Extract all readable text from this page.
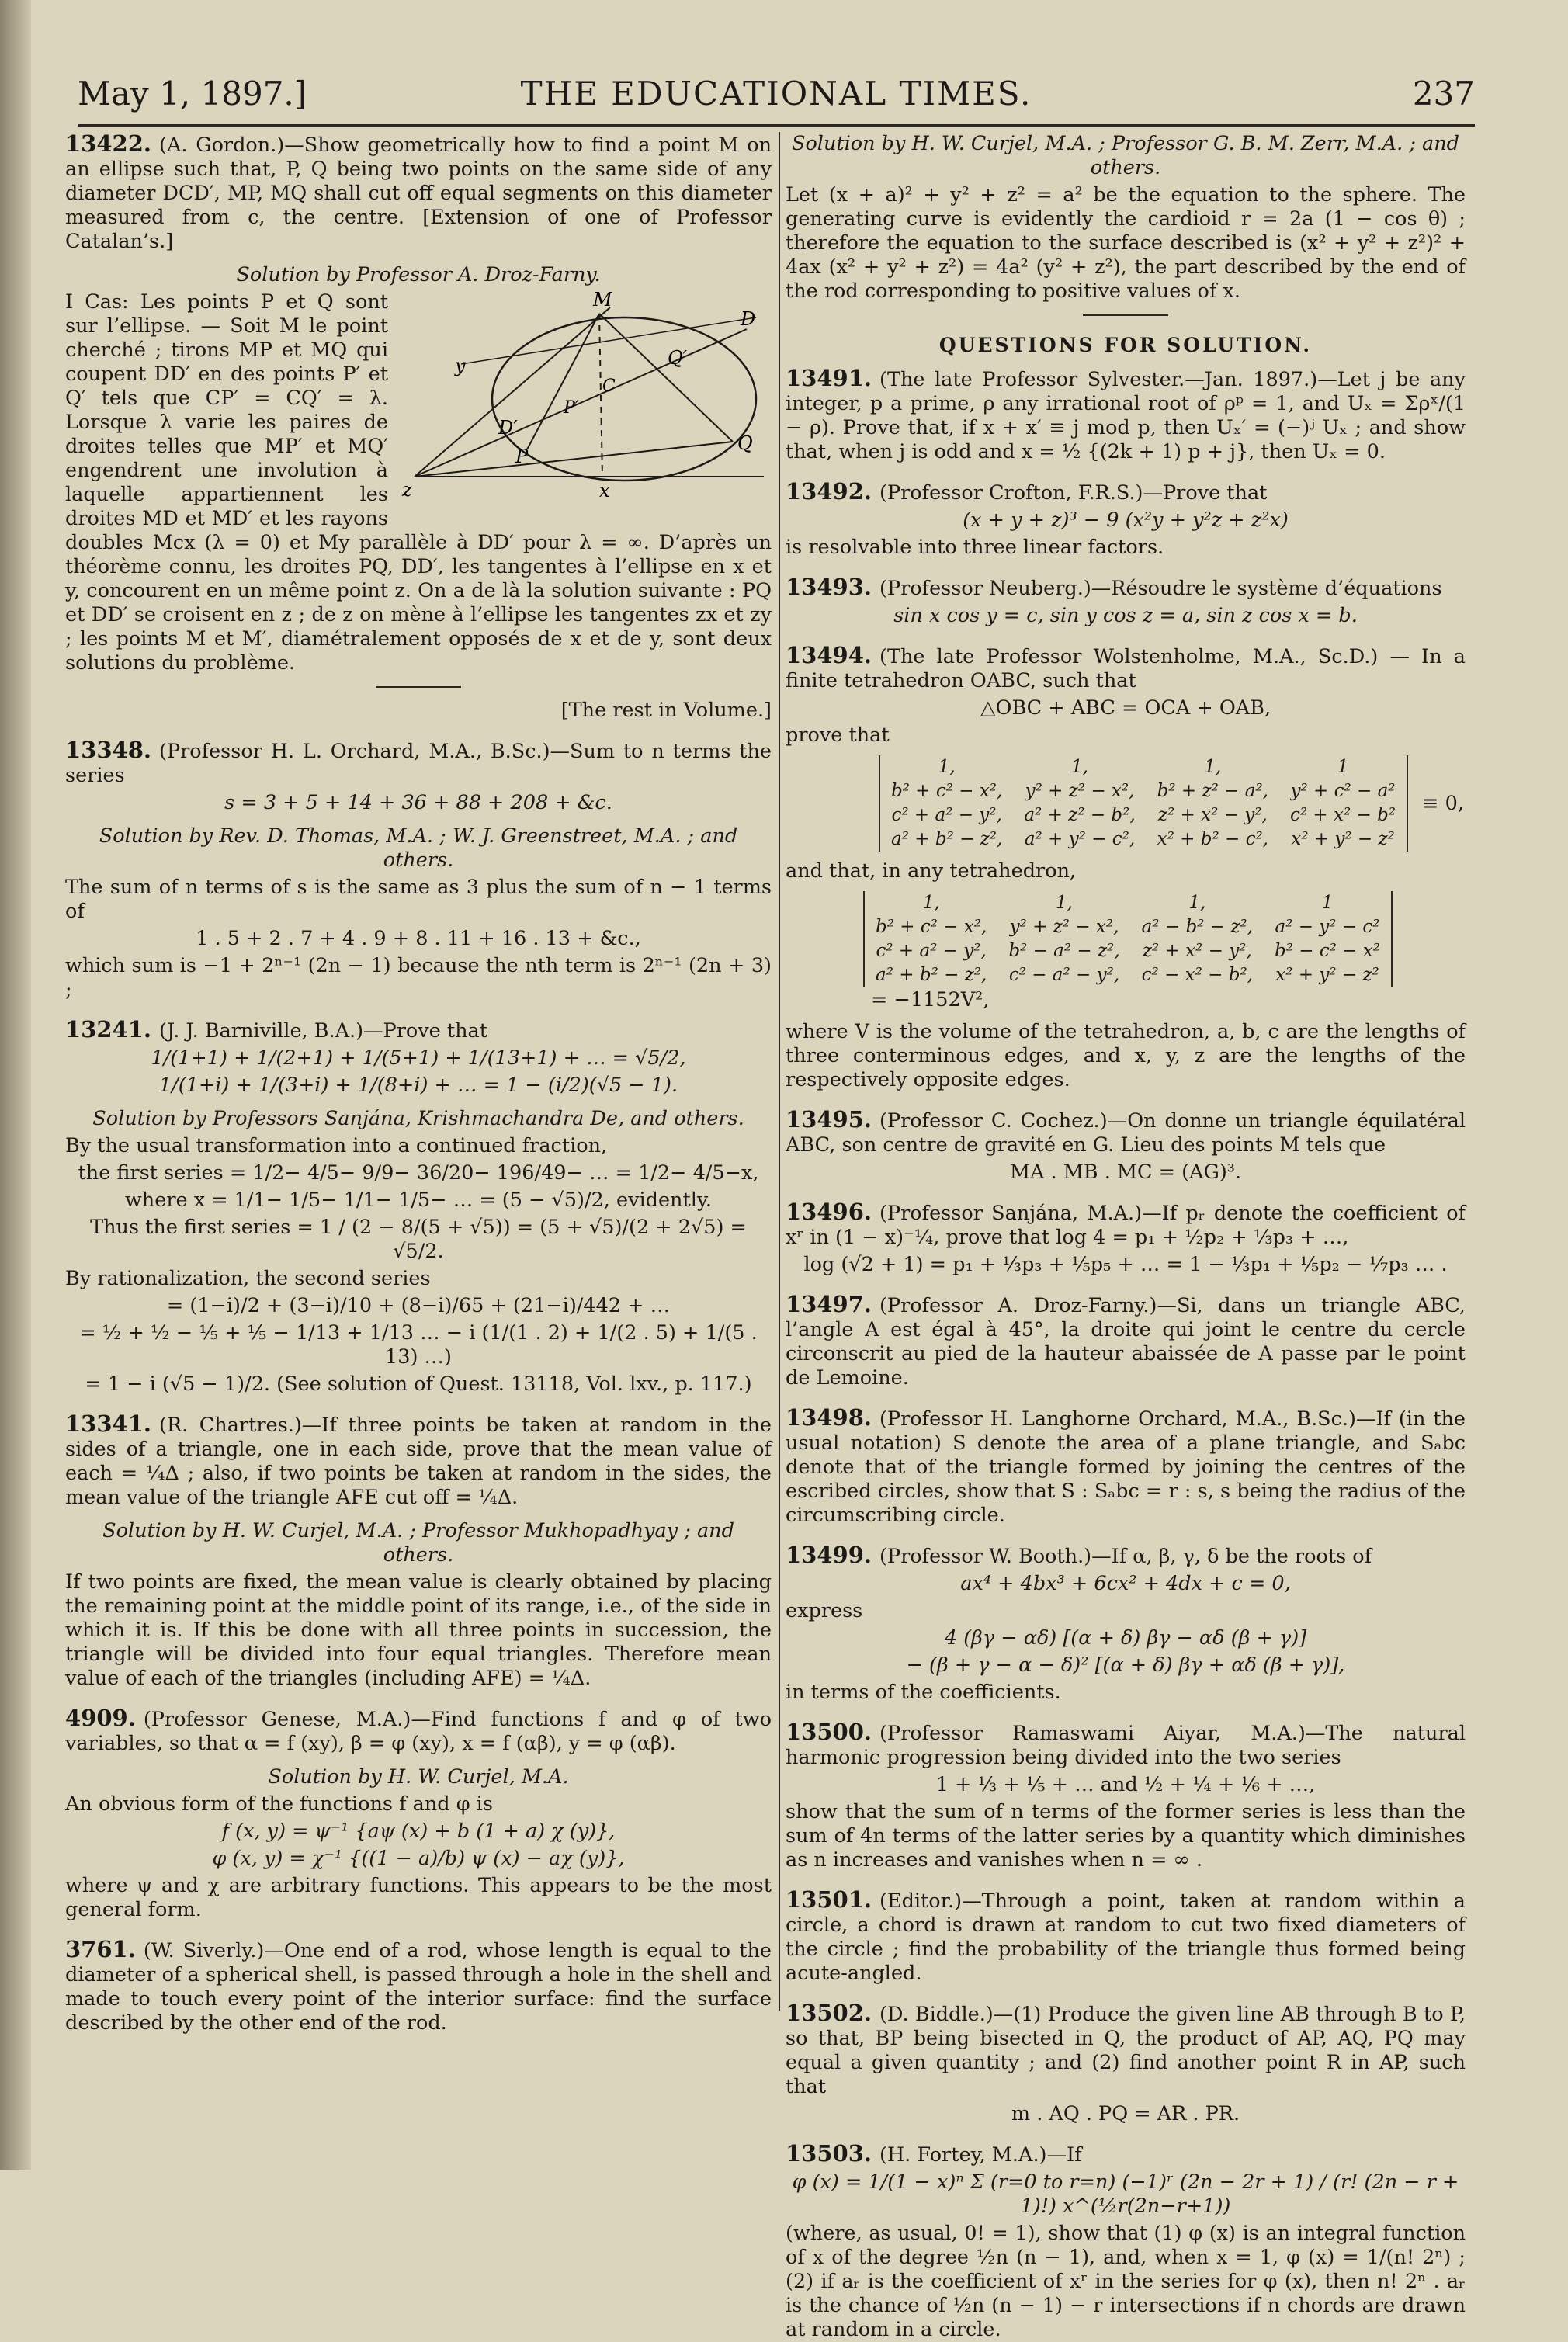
May 1, 1897.]	THE EDUCATIONAL TIMES.	237

13422. (A. Gordon.)—Show geometrically how to find a point M on an ellipse such that, P, Q being two points on the same side of any diameter DCD′, MP, MQ shall cut off equal segments on this diameter measured from c, the centre. [Extension of one of Professor Catalan’s.]

Solution by Professor A. Droz-Farny.

M
D
y	Q′
C
P′
D′
Q
P
z	x

I Cas: Les points P et Q sont sur l’ellipse. — Soit M le point cherché ; tirons MP et MQ qui coupent DD′ en des points P′ et Q′ tels que CP′ = CQ′ = λ. Lorsque λ varie les paires de droites telles que MP′ et MQ′ engendrent une involution à laquelle appartiennent les droites MD et MD′ et les rayons doubles Mcx (λ = 0) et My parallèle à DD′ pour λ = ∞. D’après un théorème connu, les droites PQ, DD′, les tangentes à l’ellipse en x et y, concourent en un même point z. On a de là la solution suivante : PQ et DD′ se croisent en z ; de z on mène à l’ellipse les tangentes zx et zy ; les points M et M′, diamétralement opposés de x et de y, sont deux solutions du problème.

[The rest in Volume.]

13348. (Professor H. L. Orchard, M.A., B.Sc.)—Sum to n terms the series

s = 3 + 5 + 14 + 36 + 88 + 208 + &c.

Solution by Rev. D. Thomas, M.A. ; W. J. Greenstreet, M.A. ; and others.

The sum of n terms of s is the same as 3 plus the sum of n − 1 terms of

1 . 5 + 2 . 7 + 4 . 9 + 8 . 11 + 16 . 13 + &c.,

which sum is −1 + 2ⁿ⁻¹ (2n − 1) because the nth term is 2ⁿ⁻¹ (2n + 3) ;

13241. (J. J. Barniville, B.A.)—Prove that

1/(1+1) + 1/(2+1) + 1/(5+1) + 1/(13+1) + … = √5/2,

1/(1+i) + 1/(3+i) + 1/(8+i) + … = 1 − (i/2)(√5 − 1).

Solution by Professors Sanjána, Krishmachandra De, and others.

By the usual transformation into a continued fraction,

the first series = 1/2− 4/5− 9/9− 36/20− 196/49− … = 1/2− 4/5−x,

where x = 1/1− 1/5− 1/1− 1/5− … = (5 − √5)/2, evidently.

Thus the first series = 1 / (2 − 8/(5 + √5)) = (5 + √5)/(2 + 2√5) = √5/2.

By rationalization, the second series

= (1−i)/2 + (3−i)/10 + (8−i)/65 + (21−i)/442 + …

= ½ + ½ − ⅕ + ⅕ − 1/13 + 1/13 … − i (1/(1 . 2) + 1/(2 . 5) + 1/(5 . 13) …)

= 1 − i (√5 − 1)/2. (See solution of Quest. 13118, Vol. lxv., p. 117.)

13341. (R. Chartres.)—If three points be taken at random in the sides of a triangle, one in each side, prove that the mean value of each = ¼Δ ; also, if two points be taken at random in the sides, the mean value of the triangle AFE cut off = ¼Δ.

Solution by H. W. Curjel, M.A. ; Professor Mukhopadhyay ; and others.

If two points are fixed, the mean value is clearly obtained by placing the remaining point at the middle point of its range, i.e., of the side in which it is. If this be done with all three points in succession, the triangle will be divided into four equal triangles. Therefore mean value of each of the triangles (including AFE) = ¼Δ.

4909. (Professor Genese, M.A.)—Find functions f and φ of two variables, so that α = f (xy), β = φ (xy), x = f (αβ), y = φ (αβ).

Solution by H. W. Curjel, M.A.

An obvious form of the functions f and φ is

f (x, y) = ψ⁻¹ {aψ (x) + b (1 + a) χ (y)},

φ (x, y) = χ⁻¹ {((1 − a)/b) ψ (x) − aχ (y)},

where ψ and χ are arbitrary functions. This appears to be the most general form.

3761. (W. Siverly.)—One end of a rod, whose length is equal to the diameter of a spherical shell, is passed through a hole in the shell and made to touch every point of the interior surface: find the surface described by the other end of the rod.

Solution by H. W. Curjel, M.A. ; Professor G. B. M. Zerr, M.A. ; and others.

Let (x + a)² + y² + z² = a² be the equation to the sphere. The generating curve is evidently the cardioid r = 2a (1 − cos θ) ; therefore the equation to the surface described is (x² + y² + z²)² + 4ax (x² + y² + z²) = 4a² (y² + z²), the part described by the end of the rod corresponding to positive values of x.

QUESTIONS FOR SOLUTION.

13491. (The late Professor Sylvester.—Jan. 1897.)—Let j be any integer, p a prime, ρ any irrational root of ρᵖ = 1, and Uₓ = Σρˣ/(1 − ρ). Prove that, if x + x′ ≡ j mod p, then Uₓ′ = (−)ʲ Uₓ ; and show that, when j is odd and x = ½ {(2k + 1) p + j}, then Uₓ = 0.

13492. (Professor Crofton, F.R.S.)—Prove that

(x + y + z)³ − 9 (x²y + y²z + z²x)

is resolvable into three linear factors.

13493. (Professor Neuberg.)—Résoudre le système d’équations

sin x cos y = c, sin y cos z = a, sin z cos x = b.

13494. (The late Professor Wolstenholme, M.A., Sc.D.) — In a finite tetrahedron OABC, such that

△OBC + ABC = OCA + OAB,

prove that

1,	1,	1,	1
b² + c² − x²,	y² + z² − x²,	b² + z² − a²,	y² + c² − a²
c² + a² − y²,	a² + z² − b²,	z² + x² − y²,	c² + x² − b²
a² + b² − z²,	a² + y² − c²,	x² + b² − c²,	x² + y² − z² ≡ 0,

and that, in any tetrahedron,

1,	1,	1,	1
b² + c² − x²,	y² + z² − x²,	a² − b² − z²,	a² − y² − c²
c² + a² − y²,	b² − a² − z²,	z² + x² − y²,	b² − c² − x²
a² + b² − z²,	c² − a² − y²,	c² − x² − b²,	x² + y² − z² = −1152V²,

where V is the volume of the tetrahedron, a, b, c are the lengths of three conterminous edges, and x, y, z are the lengths of the respectively opposite edges.

13495. (Professor C. Cochez.)—On donne un triangle équilatéral ABC, son centre de gravité en G. Lieu des points M tels que

MA . MB . MC = (AG)³.

13496. (Professor Sanjána, M.A.)—If pᵣ denote the coefficient of xʳ in (1 − x)⁻¼, prove that log 4 = p₁ + ½p₂ + ⅓p₃ + …,

log (√2 + 1) = p₁ + ⅓p₃ + ⅕p₅ + … = 1 − ⅓p₁ + ⅕p₂ − ⅐p₃ … .

13497. (Professor A. Droz-Farny.)—Si, dans un triangle ABC, l’angle A est égal à 45°, la droite qui joint le centre du cercle circonscrit au pied de la hauteur abaissée de A passe par le point de Lemoine.

13498. (Professor H. Langhorne Orchard, M.A., B.Sc.)—If (in the usual notation) S denote the area of a plane triangle, and Sₐbc denote that of the triangle formed by joining the centres of the escribed circles, show that S : Sₐbc = r : s, s being the radius of the circumscribing circle.

13499. (Professor W. Booth.)—If α, β, γ, δ be the roots of

ax⁴ + 4bx³ + 6cx² + 4dx + c = 0,

express

4 (βγ − αδ) [(α + δ) βγ − αδ (β + γ)]

− (β + γ − α − δ)² [(α + δ) βγ + αδ (β + γ)],

in terms of the coefficients.

13500. (Professor Ramaswami Aiyar, M.A.)—The natural harmonic progression being divided into the two series

1 + ⅓ + ⅕ + … and ½ + ¼ + ⅙ + …,

show that the sum of n terms of the former series is less than the sum of 4n terms of the latter series by a quantity which diminishes as n increases and vanishes when n = ∞ .

13501. (Editor.)—Through a point, taken at random within a circle, a chord is drawn at random to cut two fixed diameters of the circle ; find the probability of the triangle thus formed being acute-angled.

13502. (D. Biddle.)—(1) Produce the given line AB through B to P, so that, BP being bisected in Q, the product of AP, AQ, PQ may equal a given quantity ; and (2) find another point R in AP, such that

m . AQ . PQ = AR . PR.

13503. (H. Fortey, M.A.)—If

φ (x) = 1/(1 − x)ⁿ Σ (r=0 to r=n) (−1)ʳ (2n − 2r + 1) / (r! (2n − r + 1)!) x^(½r(2n−r+1))

(where, as usual, 0! = 1), show that (1) φ (x) is an integral function of x of the degree ½n (n − 1), and, when x = 1, φ (x) = 1/(n! 2ⁿ) ; (2) if aᵣ is the coefficient of xʳ in the series for φ (x), then n! 2ⁿ . aᵣ is the chance of ½n (n − 1) − r intersections if n chords are drawn at random in a circle.
